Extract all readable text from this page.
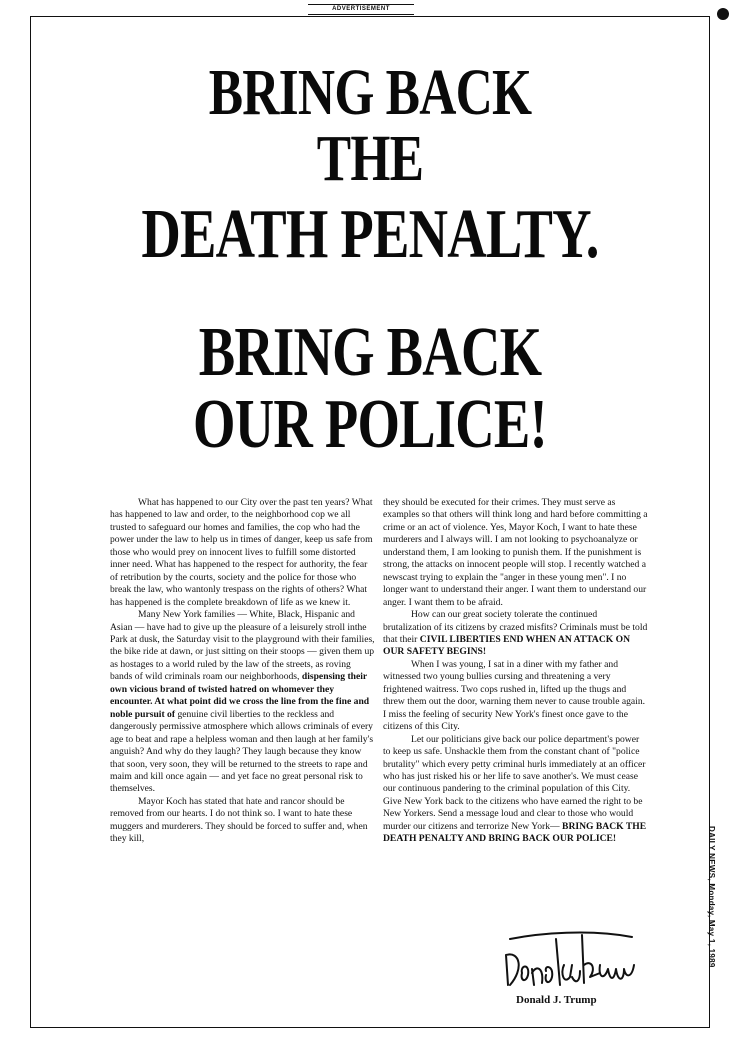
ADVERTISEMENT
BRING BACK
THE
DEATH PENALTY.
BRING BACK
OUR POLICE!

What has happened to our City over the past ten years? What has happened to law and order, to the neighborhood cop we all trusted to safeguard our homes and families, the cop who had the power under the law to help us in times of danger, keep us safe from those who would prey on innocent lives to fulfill some distorted inner need. What has happened to the respect for authority, the fear of retribution by the courts, society and the police for those who break the law, who wantonly trespass on the rights of others? What has happened is the complete breakdown of life as we knew it.

Many New York families — White, Black, Hispanic and Asian — have had to give up the pleasure of a leisurely stroll inthe Park at dusk, the Saturday visit to the playground with their families, the bike ride at dawn, or just sitting on their stoops — given them up as hostages to a world ruled by the law of the streets, as roving bands of wild criminals roam our neighborhoods, dispensing their own vicious brand of twisted hatred on whomever they encounter. At what point did we cross the line from the fine and noble pursuit of genuine civil liberties to the reckless and dangerously permissive atmosphere which allows criminals of every age to beat and rape a helpless woman and then laugh at her family's anguish? And why do they laugh? They laugh because they know that soon, very soon, they will be returned to the streets to rape and maim and kill once again — and yet face no great personal risk to themselves.

Mayor Koch has stated that hate and rancor should be removed from our hearts. I do not think so. I want to hate these muggers and murderers. They should be forced to suffer and, when they kill,

they should be executed for their crimes. They must serve as examples so that others will think long and hard before committing a crime or an act of violence. Yes, Mayor Koch, I want to hate these murderers and I always will. I am not looking to psychoanalyze or understand them, I am looking to punish them. If the punishment is strong, the attacks on innocent people will stop. I recently watched a newscast trying to explain the "anger in these young men". I no longer want to understand their anger. I want them to understand our anger. I want them to be afraid.

How can our great society tolerate the continued brutalization of its citizens by crazed misfits? Criminals must be told that their CIVIL LIBERTIES END WHEN AN ATTACK ON OUR SAFETY BEGINS!

When I was young, I sat in a diner with my father and witnessed two young bullies cursing and threatening a very frightened waitress. Two cops rushed in, lifted up the thugs and threw them out the door, warning them never to cause trouble again. I miss the feeling of security New York's finest once gave to the citizens of this City.

Let our politicians give back our police department's power to keep us safe. Unshackle them from the constant chant of "police brutality" which every petty criminal hurls immediately at an officer who has just risked his or her life to save another's. We must cease our continuous pandering to the criminal population of this City. Give New York back to the citizens who have earned the right to be New Yorkers. Send a message loud and clear to those who would murder our citizens and terrorize New York— BRING BACK THE DEATH PENALTY AND BRING BACK OUR POLICE!

Donald J. Trump
DAILY NEWS, Monday, May 1, 1989
